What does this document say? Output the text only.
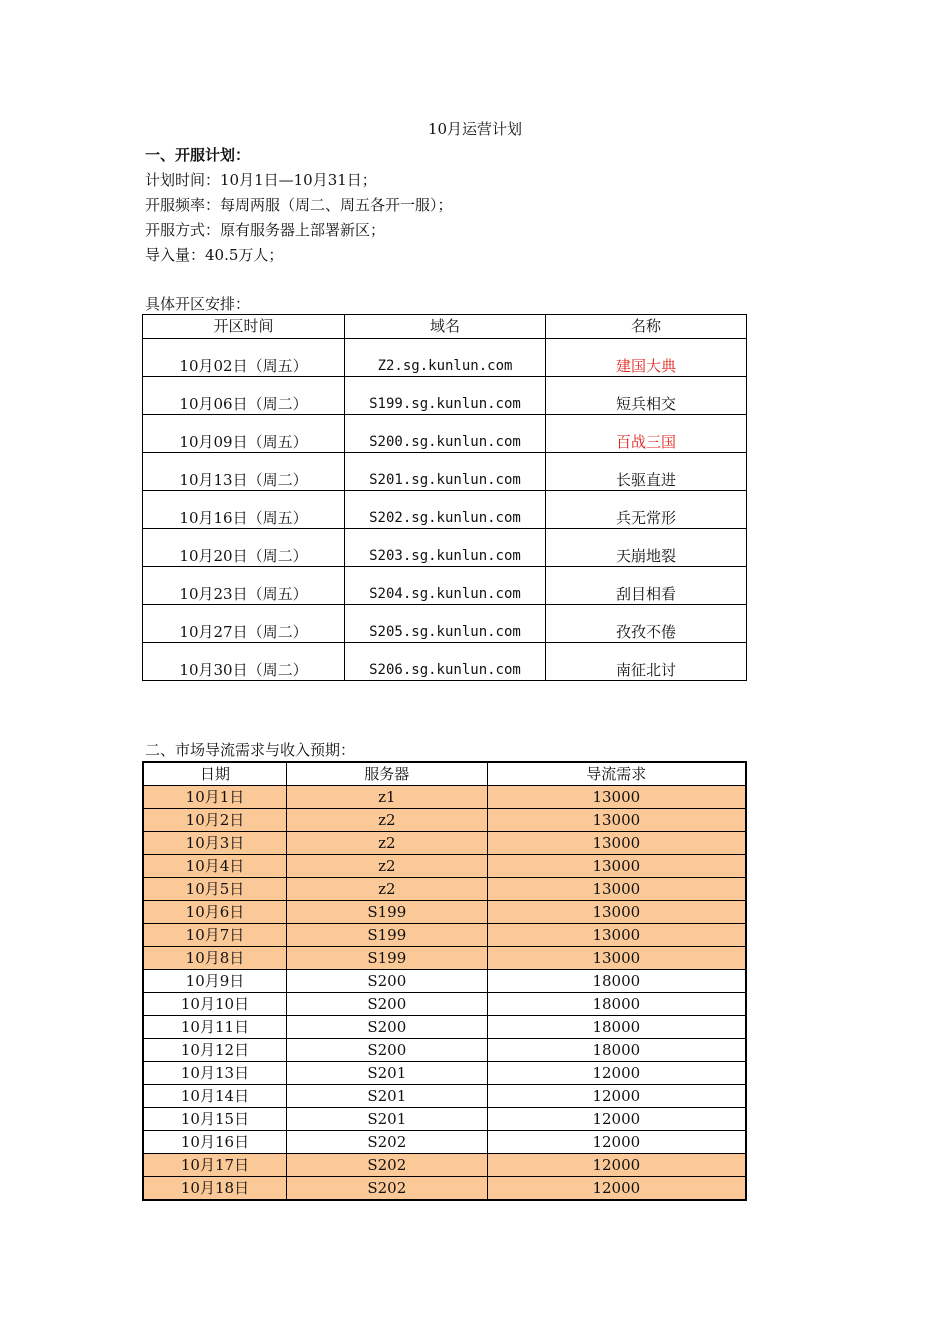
10月运营计划
一、开服计划：
计划时间：10月1日—10月31日；
开服频率：每周两服（周二、周五各开一服）；
开服方式：原有服务器上部署新区；
导入量：40.5万人；
具体开区安排：
开区时间	域名	名称
10月02日（周五）	Z2.sg.kunlun.com	建国大典
10月06日（周二）	S199.sg.kunlun.com	短兵相交
10月09日（周五）	S200.sg.kunlun.com	百战三国
10月13日（周二）	S201.sg.kunlun.com	长驱直进
10月16日（周五）	S202.sg.kunlun.com	兵无常形
10月20日（周二）	S203.sg.kunlun.com	天崩地裂
10月23日（周五）	S204.sg.kunlun.com	刮目相看
10月27日（周二）	S205.sg.kunlun.com	孜孜不倦
10月30日（周二）	S206.sg.kunlun.com	南征北讨
二、市场导流需求与收入预期：
日期	服务器	导流需求
10月1日	z1	13000
10月2日	z2	13000
10月3日	z2	13000
10月4日	z2	13000
10月5日	z2	13000
10月6日	S199	13000
10月7日	S199	13000
10月8日	S199	13000
10月9日	S200	18000
10月10日	S200	18000
10月11日	S200	18000
10月12日	S200	18000
10月13日	S201	12000
10月14日	S201	12000
10月15日	S201	12000
10月16日	S202	12000
10月17日	S202	12000
10月18日	S202	12000
